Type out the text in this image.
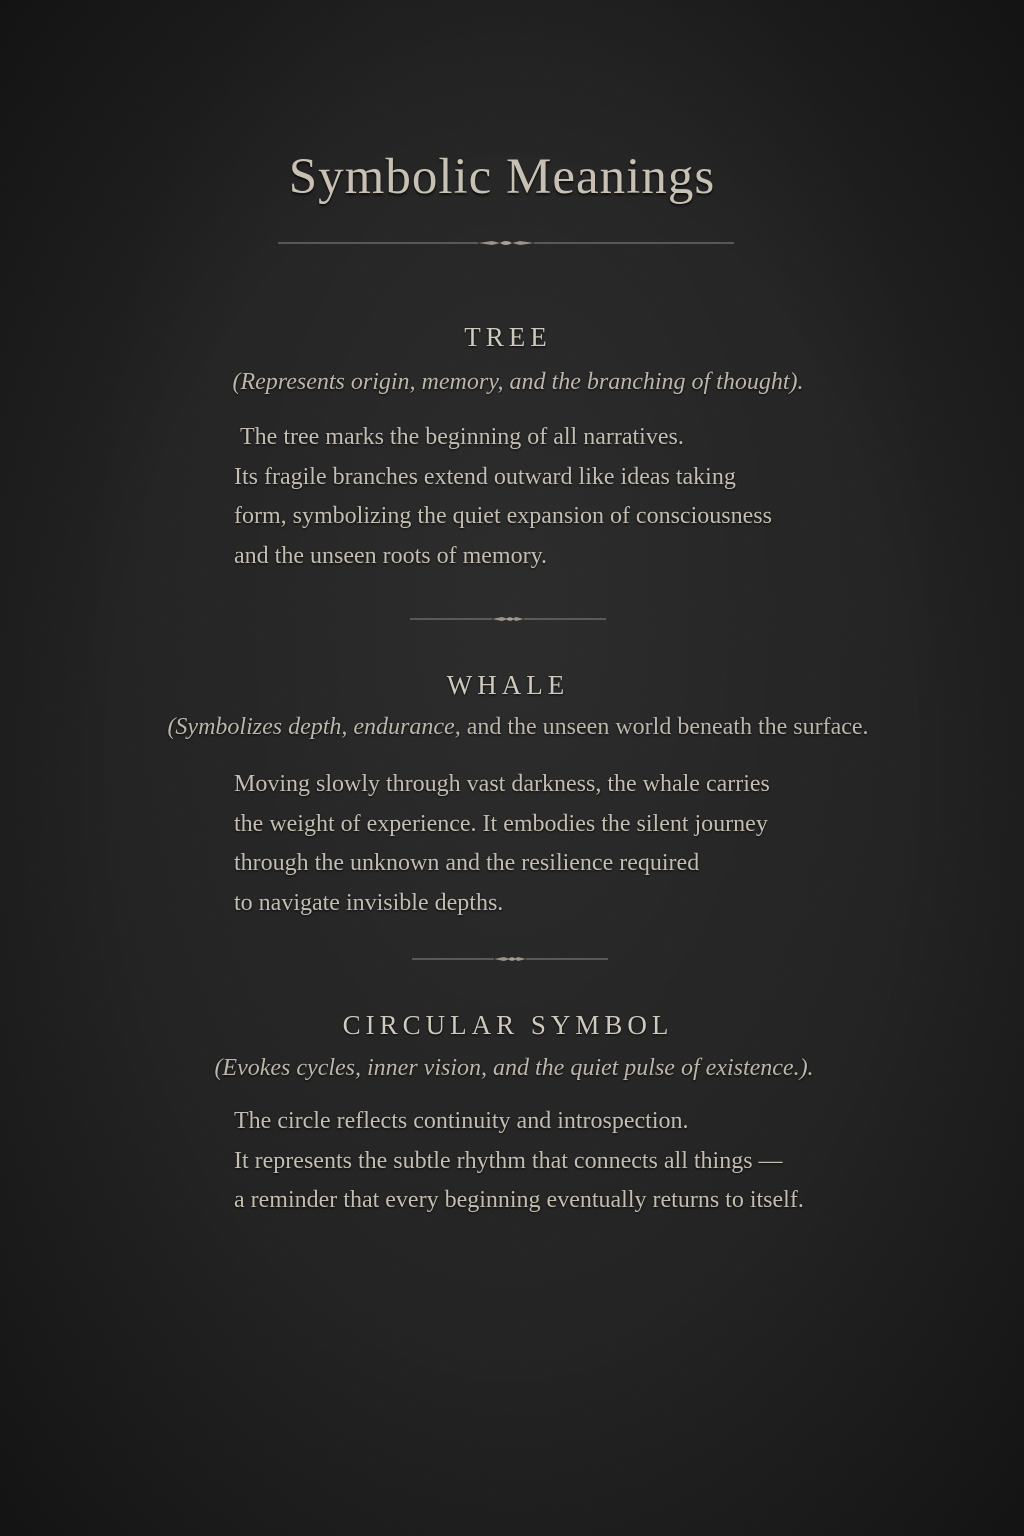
Symbolic Meanings
TREE

(Represents origin, memory, and the branching of thought).

The tree marks the beginning of all narratives.
Its fragile branches extend outward like ideas taking
form, symbolizing the quiet expansion of consciousness
and the unseen roots of memory.
WHALE

(Symbolizes depth, endurance, and the unseen world beneath the surface.

Moving slowly through vast darkness, the whale carries
the weight of experience. It embodies the silent journey
through the unknown and the resilience required
to navigate invisible depths.
CIRCULAR SYMBOL

(Evokes cycles, inner vision, and the quiet pulse of existence.).

The circle reflects continuity and introspection.
It represents the subtle rhythm that connects all things —
a reminder that every beginning eventually returns to itself.
